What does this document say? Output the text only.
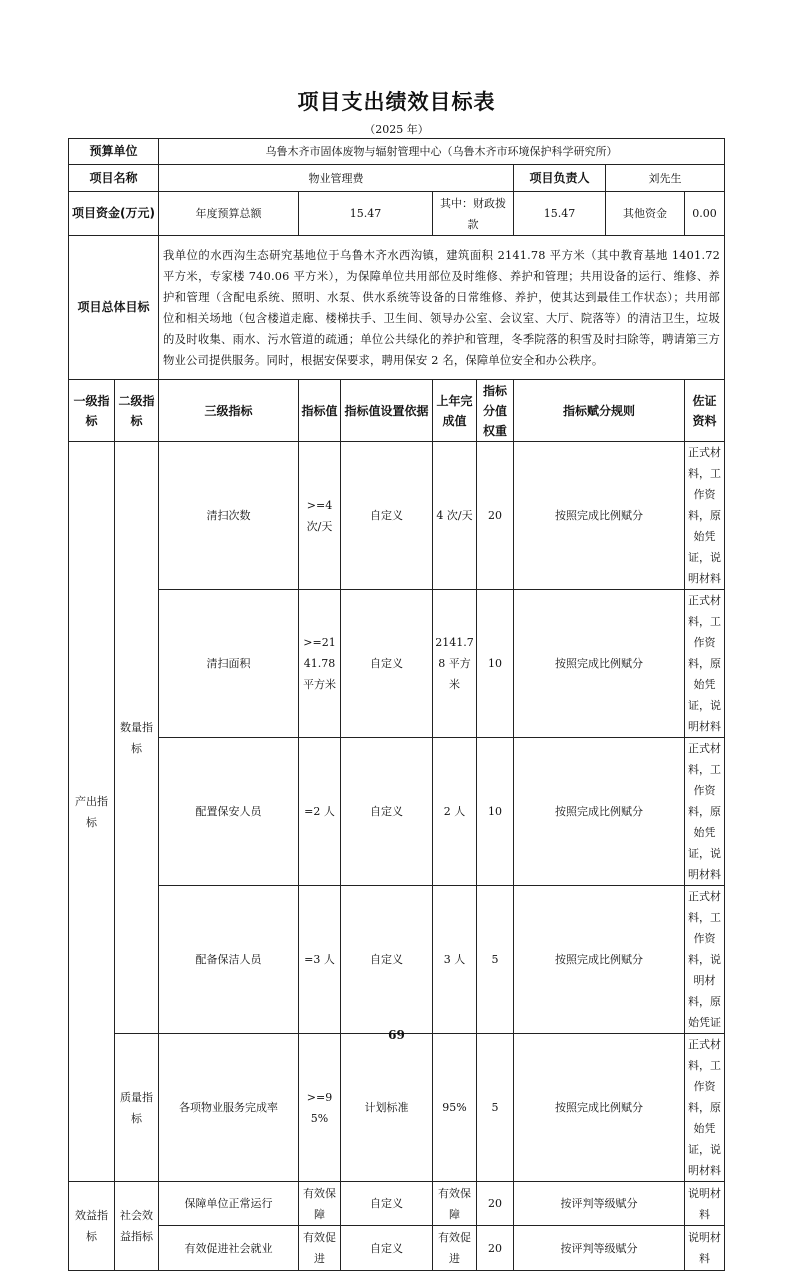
项目支出绩效目标表
（2025 年）
预算单位		乌鲁木齐市固体废物与辐射管理中心（乌鲁木齐市环境保护科学研究所）							
项目名称		物业管理费					项目负责人	刘先生	
项目资金(万元)		年度预算总额	15.47		其中：财政拨款		15.47	其他资金	0.00
项目总体目标		我单位的水西沟生态研究基地位于乌鲁木齐水西沟镇，建筑面积 2141.78 平方米（其中教育基地 1401.72 平方米，专家楼 740.06 平方米），为保障单位共用部位及时维修、养护和管理；共用设备的运行、维修、养护和管理（含配电系统、照明、水泵、供水系统等设备的日常维修、养护，使其达到最佳工作状态）；共用部位和相关场地（包含楼道走廊、楼梯扶手、卫生间、领导办公室、会议室、大厅、院落等）的清洁卫生，垃圾的及时收集、雨水、污水管道的疏通；单位公共绿化的养护和管理，冬季院落的积雪及时扫除等，聘请第三方物业公司提供服务。同时，根据安保要求，聘用保安 2 名，保障单位安全和办公秩序。							
一级指标	二级指标	三级指标	指标值	指标值设置依据	上年完成值	指标分值权重	指标赋分规则		佐证资料
产出指标	数量指标	清扫次数	>=4 次/天	自定义	4 次/天	20	按照完成比例赋分		正式材料，工作资料，原始凭证，说明材料
		清扫面积	>=2141.78 平方米	自定义	2141.78 平方米	10	按照完成比例赋分		正式材料，工作资料，原始凭证，说明材料
		配置保安人员	=2 人	自定义	2 人	10	按照完成比例赋分		正式材料，工作资料，原始凭证，说明材料
		配备保洁人员	=3 人	自定义	3 人	5	按照完成比例赋分		正式材料，工作资料，说明材料，原始凭证
	质量指标	各项物业服务完成率	>=95%	计划标准	95%	5	按照完成比例赋分		正式材料，工作资料，原始凭证，说明材料
效益指标	社会效益指标	保障单位正常运行	有效保障	自定义	有效保障	20	按评判等级赋分		说明材料
		有效促进社会就业	有效促进	自定义	有效促进	20	按评判等级赋分		说明材料
69
